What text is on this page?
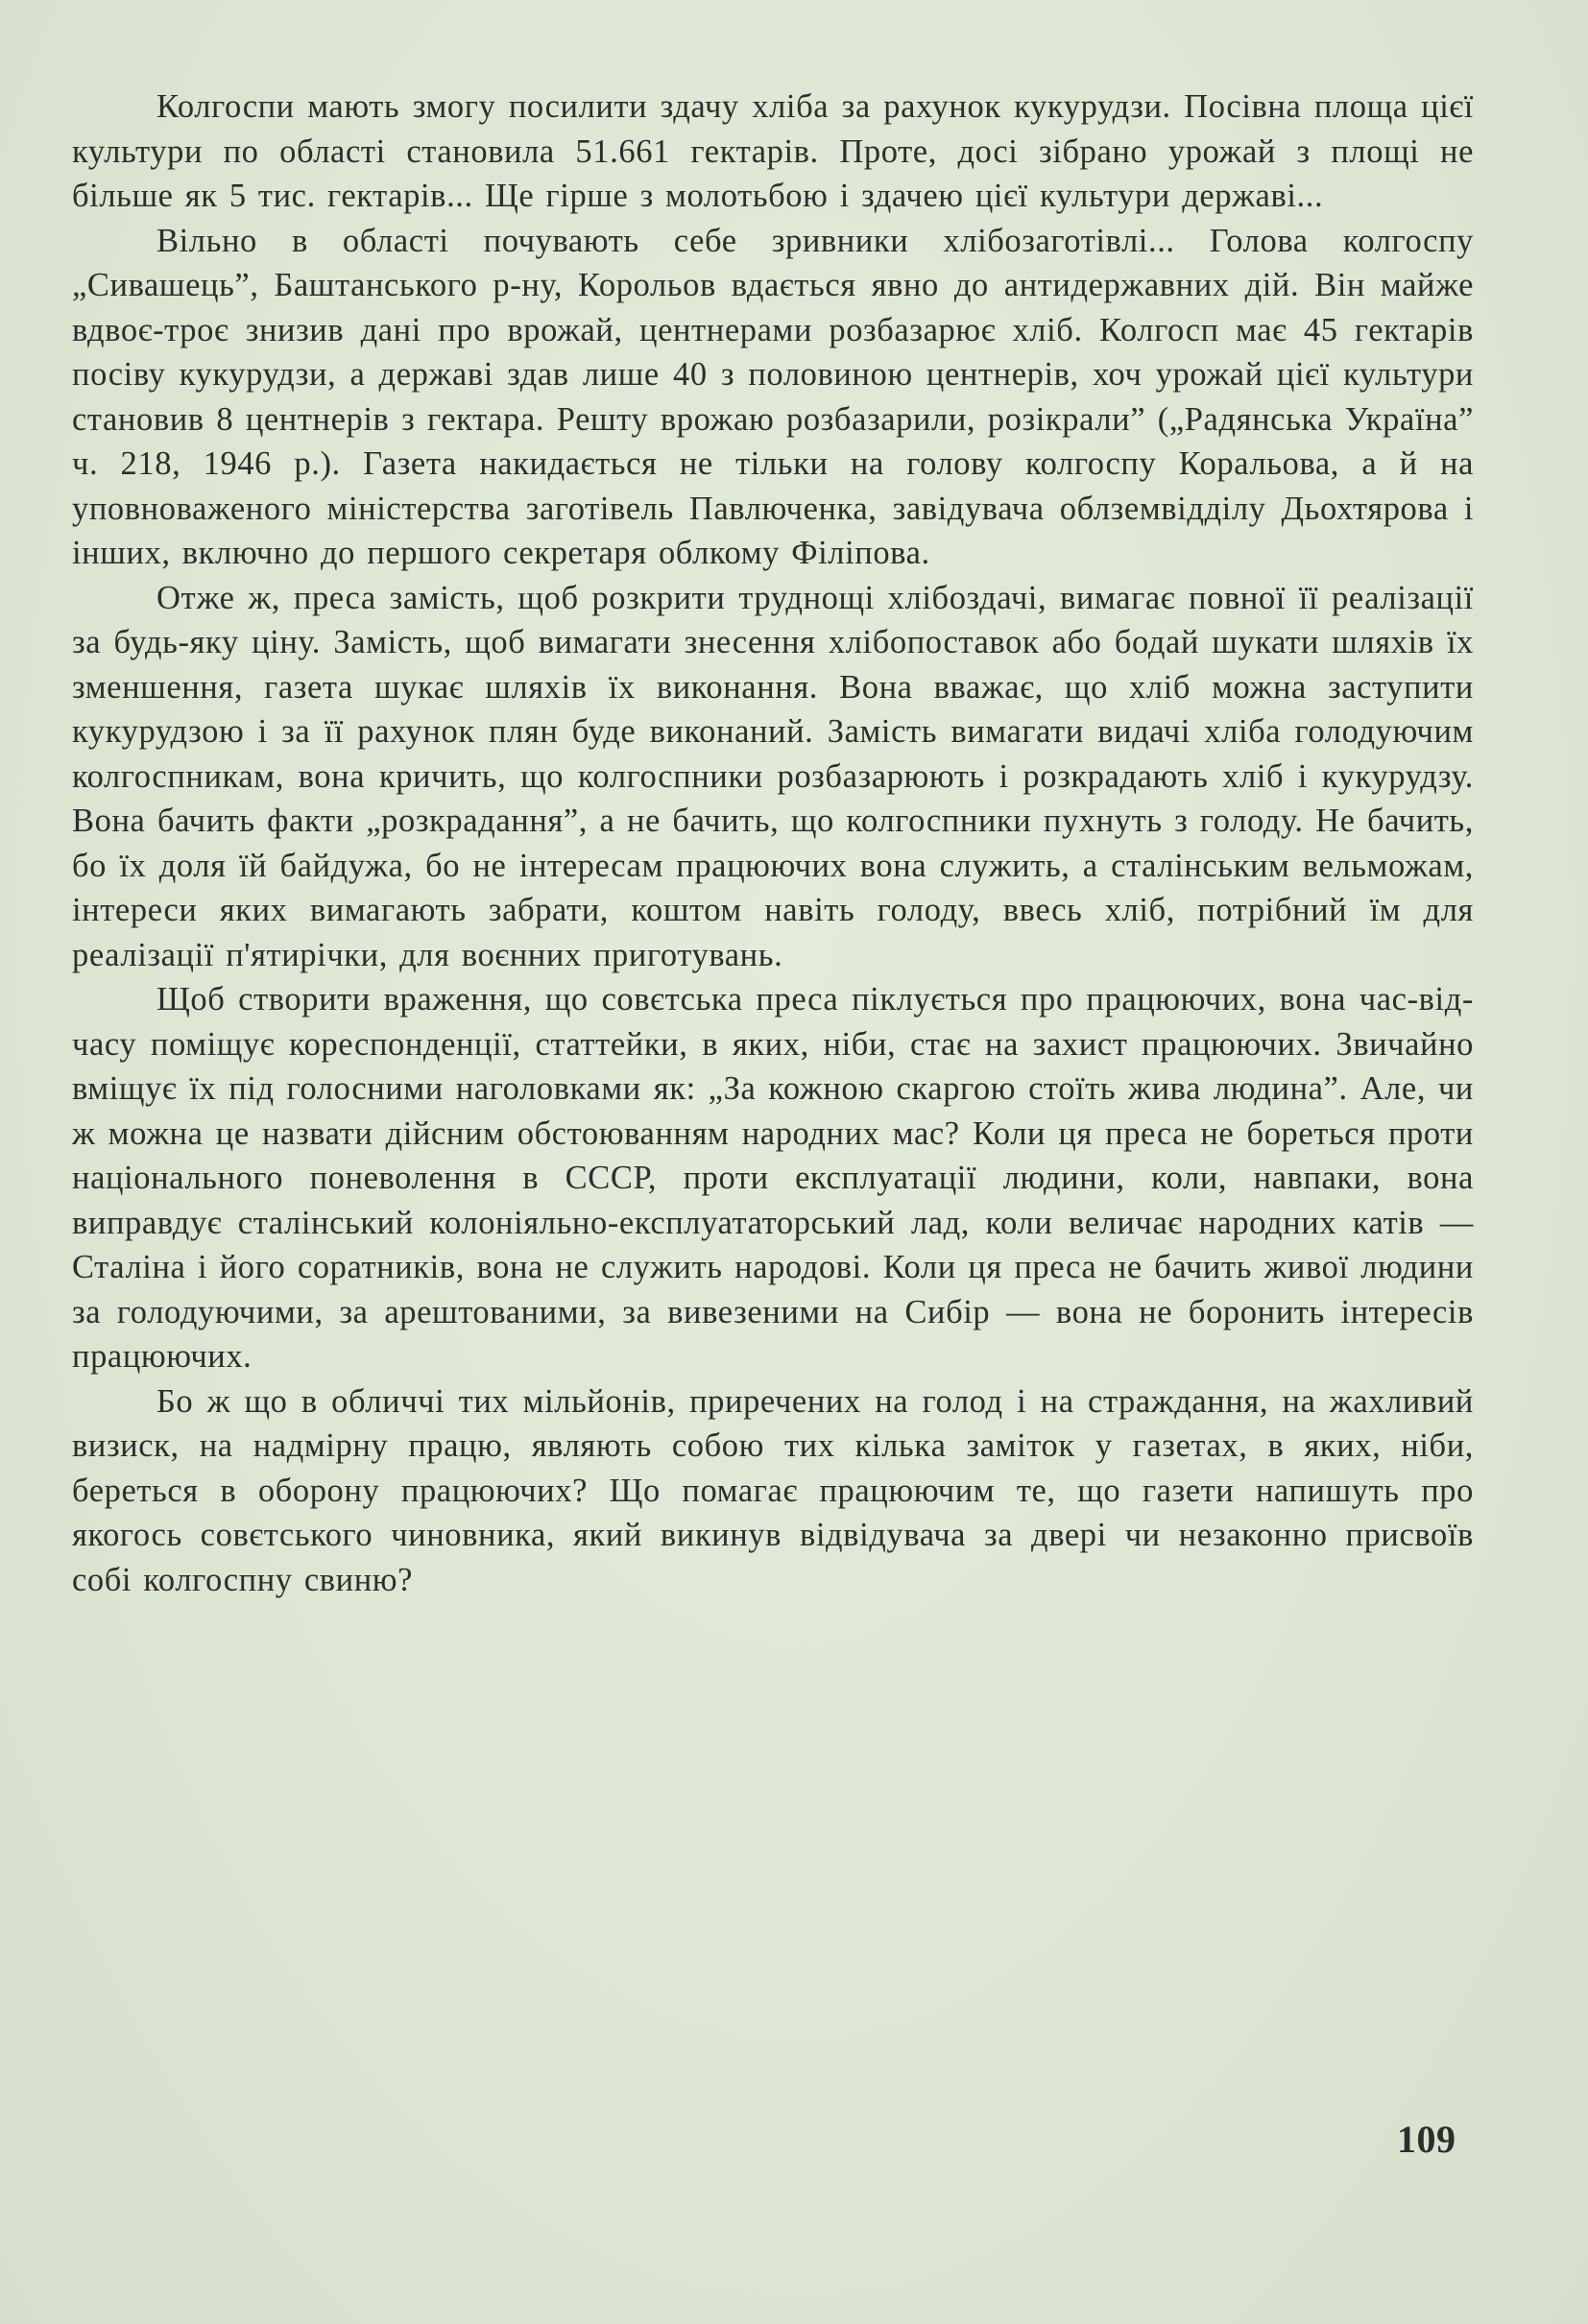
Колгоспи мають змогу посилити здачу хліба за рахунок кукурудзи. Посівна площа цієї культури по області становила 51.661 гектарів. Проте, досі зібрано урожай з площі не більше як 5 тис. гектарів... Ще гірше з молотьбою і здачею цієї культури державі...

Вільно в області почувають себе зривники хлібозаготівлі... Голова колгоспу „Сивашець”, Баштанського р-ну, Корольов вдається явно до антидержавних дій. Він майже вдвоє-троє знизив дані про врожай, центнерами розбазарює хліб. Колгосп має 45 гектарів посіву кукурудзи, а державі здав лише 40 з половиною центнерів, хоч урожай цієї культури становив 8 центнерів з гектара. Решту врожаю розбазарили, розікрали” („Радянська Україна” ч. 218, 1946 р.). Газета накидається не тільки на голову колгоспу Коральова, а й на уповноваженого міністерства заготівель Павлюченка, завідувача облземвідділу Дьохтярова і інших, включно до першого секретаря облкому Філіпова.

Отже ж, преса замість, щоб розкрити труднощі хлібоздачі, вимагає повної її реалізації за будь-яку ціну. Замість, щоб вимагати знесення хлібопоставок або бодай шукати шляхів їх зменшення, газета шукає шляхів їх виконання. Вона вважає, що хліб можна заступити кукурудзою і за її рахунок плян буде виконаний. Замість вимагати видачі хліба голодуючим колгоспникам, вона кричить, що колгоспники розбазарюють і розкрадають хліб і кукурудзу. Вона бачить факти „розкрадання”, а не бачить, що колгоспники пухнуть з голоду. Не бачить, бо їх доля їй байдужа, бо не інтересам працюючих вона служить, а сталінським вельможам, інтереси яких вимагають забрати, коштом навіть голоду, ввесь хліб, потрібний їм для реалізації п'ятирічки, для воєнних приготувань.

Щоб створити враження, що совєтська преса піклується про працюючих, вона час-від-часу поміщує кореспонденції, статтейки, в яких, ніби, стає на захист працюючих. Звичайно вміщує їх під голосними наголовками як: „За кожною скаргою стоїть жива людина”. Але, чи ж можна це назвати дійсним обстоюванням народних мас? Коли ця преса не бореться проти національного поневолення в СССР, проти експлуатації людини, коли, навпаки, вона виправдує сталінський колоніяльно-експлуататорський лад, коли величає народних катів — Сталіна і його соратників, вона не служить народові. Коли ця преса не бачить живої людини за голодуючими, за арештованими, за вивезеними на Сибір — вона не боронить інтересів працюючих.

Бо ж що в обличчі тих мільйонів, приречених на голод і на страждання, на жахливий визиск, на надмірну працю, являють собою тих кількa заміток у газетах, в яких, ніби, береться в оборону працюючих? Що помагає працюючим те, що газети напишуть про якогось совєтського чиновника, який викинув відвідувача за двері чи незаконно присвоїв собі колгоспну свиню?

109
